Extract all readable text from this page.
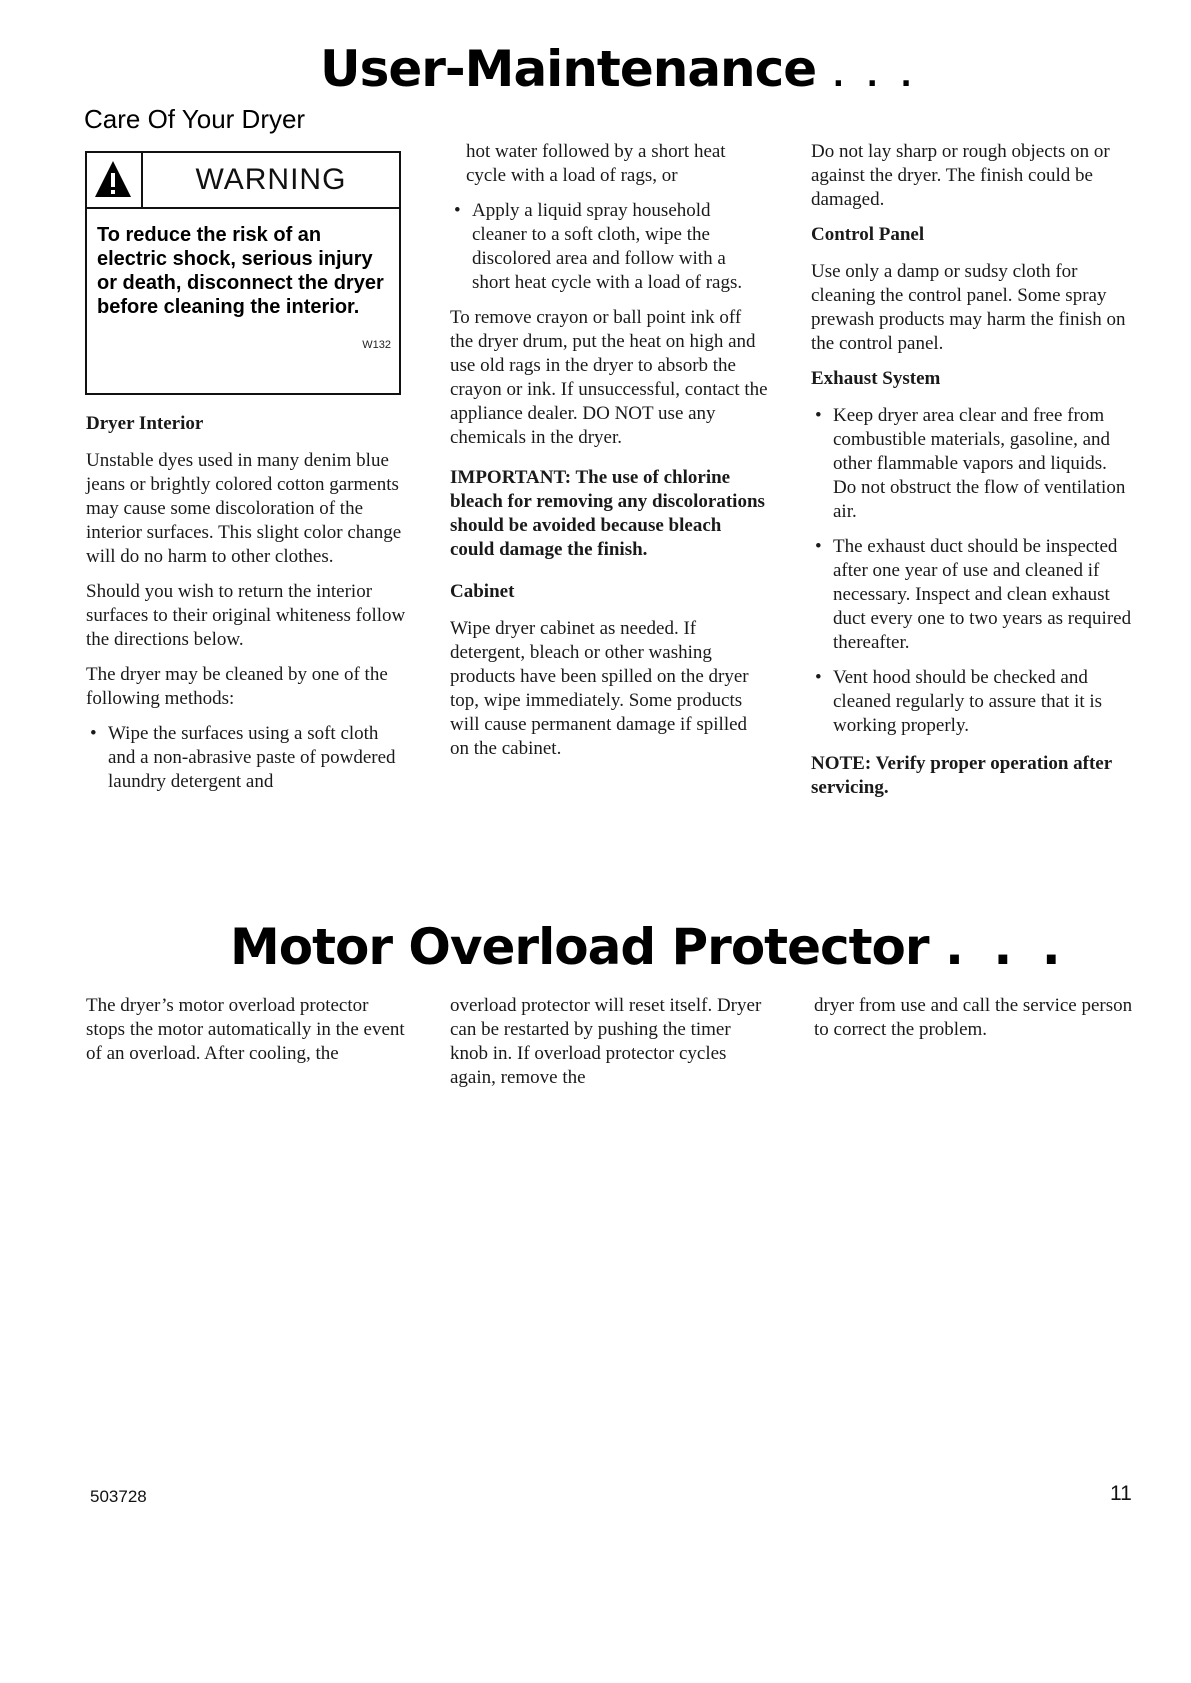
User-Maintenance . . .
Care Of Your Dryer
WARNING
To reduce the risk of an electric shock, serious injury or death, disconnect the dryer before cleaning the interior.
W132
Dryer Interior

Unstable dyes used in many denim blue jeans or brightly colored cotton garments may cause some discoloration of the interior surfaces. This slight color change will do no harm to other clothes.

Should you wish to return the interior surfaces to their original whiteness follow the directions below.

The dryer may be cleaned by one of the following methods:

• Wipe the surfaces using a soft cloth and a non-abrasive paste of powdered laundry detergent and

hot water followed by a short heat cycle with a load of rags, or

• Apply a liquid spray household cleaner to a soft cloth, wipe the discolored area and follow with a short heat cycle with a load of rags.

To remove crayon or ball point ink off the dryer drum, put the heat on high and use old rags in the dryer to absorb the crayon or ink. If unsuccessful, contact the appliance dealer. DO NOT use any chemicals in the dryer.

IMPORTANT: The use of chlorine bleach for removing any discolorations should be avoided because bleach could damage the finish.

Cabinet

Wipe dryer cabinet as needed. If detergent, bleach or other washing products have been spilled on the dryer top, wipe immediately. Some products will cause permanent damage if spilled on the cabinet.

Do not lay sharp or rough objects on or against the dryer. The finish could be damaged.

Control Panel

Use only a damp or sudsy cloth for cleaning the control panel. Some spray prewash products may harm the finish on the control panel.

Exhaust System
• Keep dryer area clear and free from combustible materials, gasoline, and other flammable vapors and liquids. Do not obstruct the flow of ventilation air.
• The exhaust duct should be inspected after one year of use and cleaned if necessary. Inspect and clean exhaust duct every one to two years as required thereafter.
• Vent hood should be checked and cleaned regularly to assure that it is working properly.

NOTE: Verify proper operation after servicing.

Motor Overload Protector . . .

The dryer’s motor overload protector stops the motor automatically in the event of an overload. After cooling, the

overload protector will reset itself. Dryer can be restarted by pushing the timer knob in. If overload protector cycles again, remove the

dryer from use and call the service person to correct the problem.

503728	11
